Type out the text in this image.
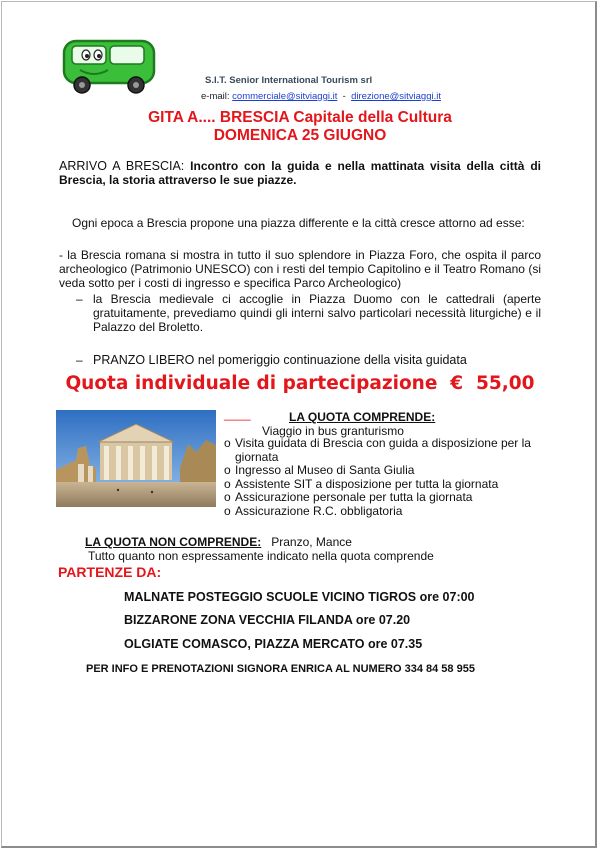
S.I.T. Senior International Tourism srl
e-mail: commerciale@sitviaggi.it - direzione@sitviaggi.it
GITA A.... BRESCIA Capitale della Cultura
DOMENICA 25 GIUGNO
ARRIVO A BRESCIA: Incontro con la guida e nella mattinata visita della città di Brescia, la storia attraverso le sue piazze.
Ogni epoca a Brescia propone una piazza differente e la città cresce attorno ad esse:
- la Brescia romana si mostra in tutto il suo splendore in Piazza Foro, che ospita il parco archeologico (Patrimonio UNESCO) con i resti del tempio Capitolino e il Teatro Romano (si veda sotto per i costi di ingresso e specifica Parco Archeologico)
– la Brescia medievale ci accoglie in Piazza Duomo con le cattedrali (aperte gratuitamente, prevediamo quindi gli interni salvo particolari necessità liturgiche) e il Palazzo del Broletto.
– PRANZO LIBERO nel pomeriggio continuazione della visita guidata
Quota individuale di partecipazione  €  55,00
____	LA QUOTA COMPRENDE:
Viaggio in bus granturismo
o Visita guidata di Brescia con guida a disposizione per la giornata
o Ingresso al Museo di Santa Giulia
o Assistente SIT a disposizione per tutta la giornata
o Assicurazione personale per tutta la giornata
o Assicurazione R.C. obbligatoria
LA QUOTA NON COMPRENDE: Pranzo, Mance
Tutto quanto non espressamente indicato nella quota comprende
PARTENZE DA:
MALNATE POSTEGGIO SCUOLE VICINO TIGROS ore 07:00
BIZZARONE ZONA VECCHIA FILANDA ore 07.20
OLGIATE COMASCO, PIAZZA MERCATO ore 07.35
PER INFO E PRENOTAZIONI SIGNORA ENRICA AL NUMERO 334 84 58 955
